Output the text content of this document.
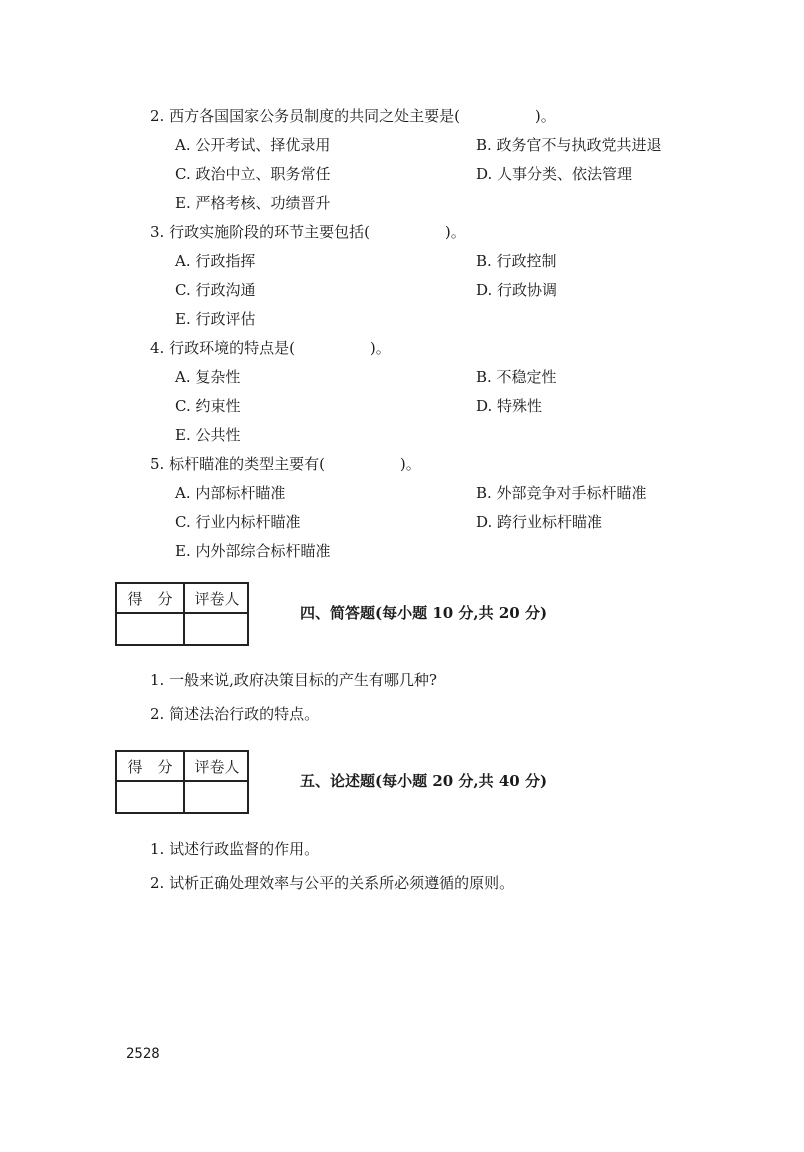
2. 西方各国国家公务员制度的共同之处主要是(　　　　　)。
A. 公开考试、择优录用	B. 政务官不与执政党共进退
C. 政治中立、职务常任	D. 人事分类、依法管理
E. 严格考核、功绩晋升
3. 行政实施阶段的环节主要包括(　　　　　)。
A. 行政指挥	B. 行政控制
C. 行政沟通	D. 行政协调
E. 行政评估
4. 行政环境的特点是(　　　　　)。
A. 复杂性	B. 不稳定性
C. 约束性	D. 特殊性
E. 公共性
5. 标杆瞄准的类型主要有(　　　　　)。
A. 内部标杆瞄准	B. 外部竞争对手标杆瞄准
C. 行业内标杆瞄准	D. 跨行业标杆瞄准
E. 内外部综合标杆瞄准
得　分	评卷人
四、简答题(每小题 10 分,共 20 分)
1. 一般来说,政府决策目标的产生有哪几种?
2. 简述法治行政的特点。
得　分	评卷人
五、论述题(每小题 20 分,共 40 分)
1. 试述行政监督的作用。
2. 试析正确处理效率与公平的关系所必须遵循的原则。
2528
